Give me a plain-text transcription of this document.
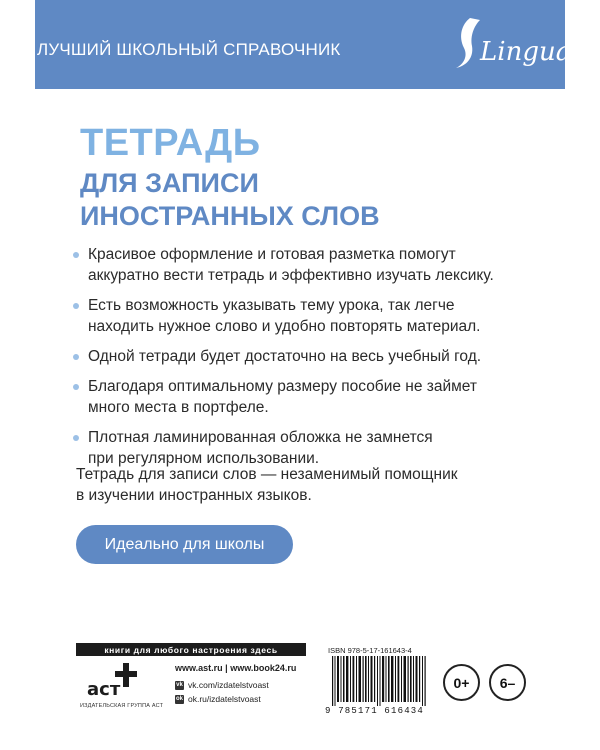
ЛУЧШИЙ ШКОЛЬНЫЙ СПРАВОЧНИК	Lingua
ТЕТРАДЬ
ДЛЯ ЗАПИСИ
ИНОСТРАННЫХ СЛОВ
Красивое оформление и готовая разметка помогут
аккуратно вести тетрадь и эффективно изучать лексику.
Есть возможность указывать тему урока, так легче
находить нужное слово и удобно повторять материал.
Одной тетради будет достаточно на весь учебный год.
Благодаря оптимальному размеру пособие не займет
много места в портфеле.
Плотная ламинированная обложка не замнется
при регулярном использовании.
Тетрадь для записи слов — незаменимый помощник
в изучении иностранных языков.
Идеально для школы
книги для любого настроения здесь
аст
ИЗДАТЕЛЬСКАЯ ГРУППА АСТ
www.ast.ru | www.book24.ru
vk vk.com/izdatelstvoast
ok ok.ru/izdatelstvoast
ISBN 978-5-17-161643-4
9 785171 616434
0+	6–
